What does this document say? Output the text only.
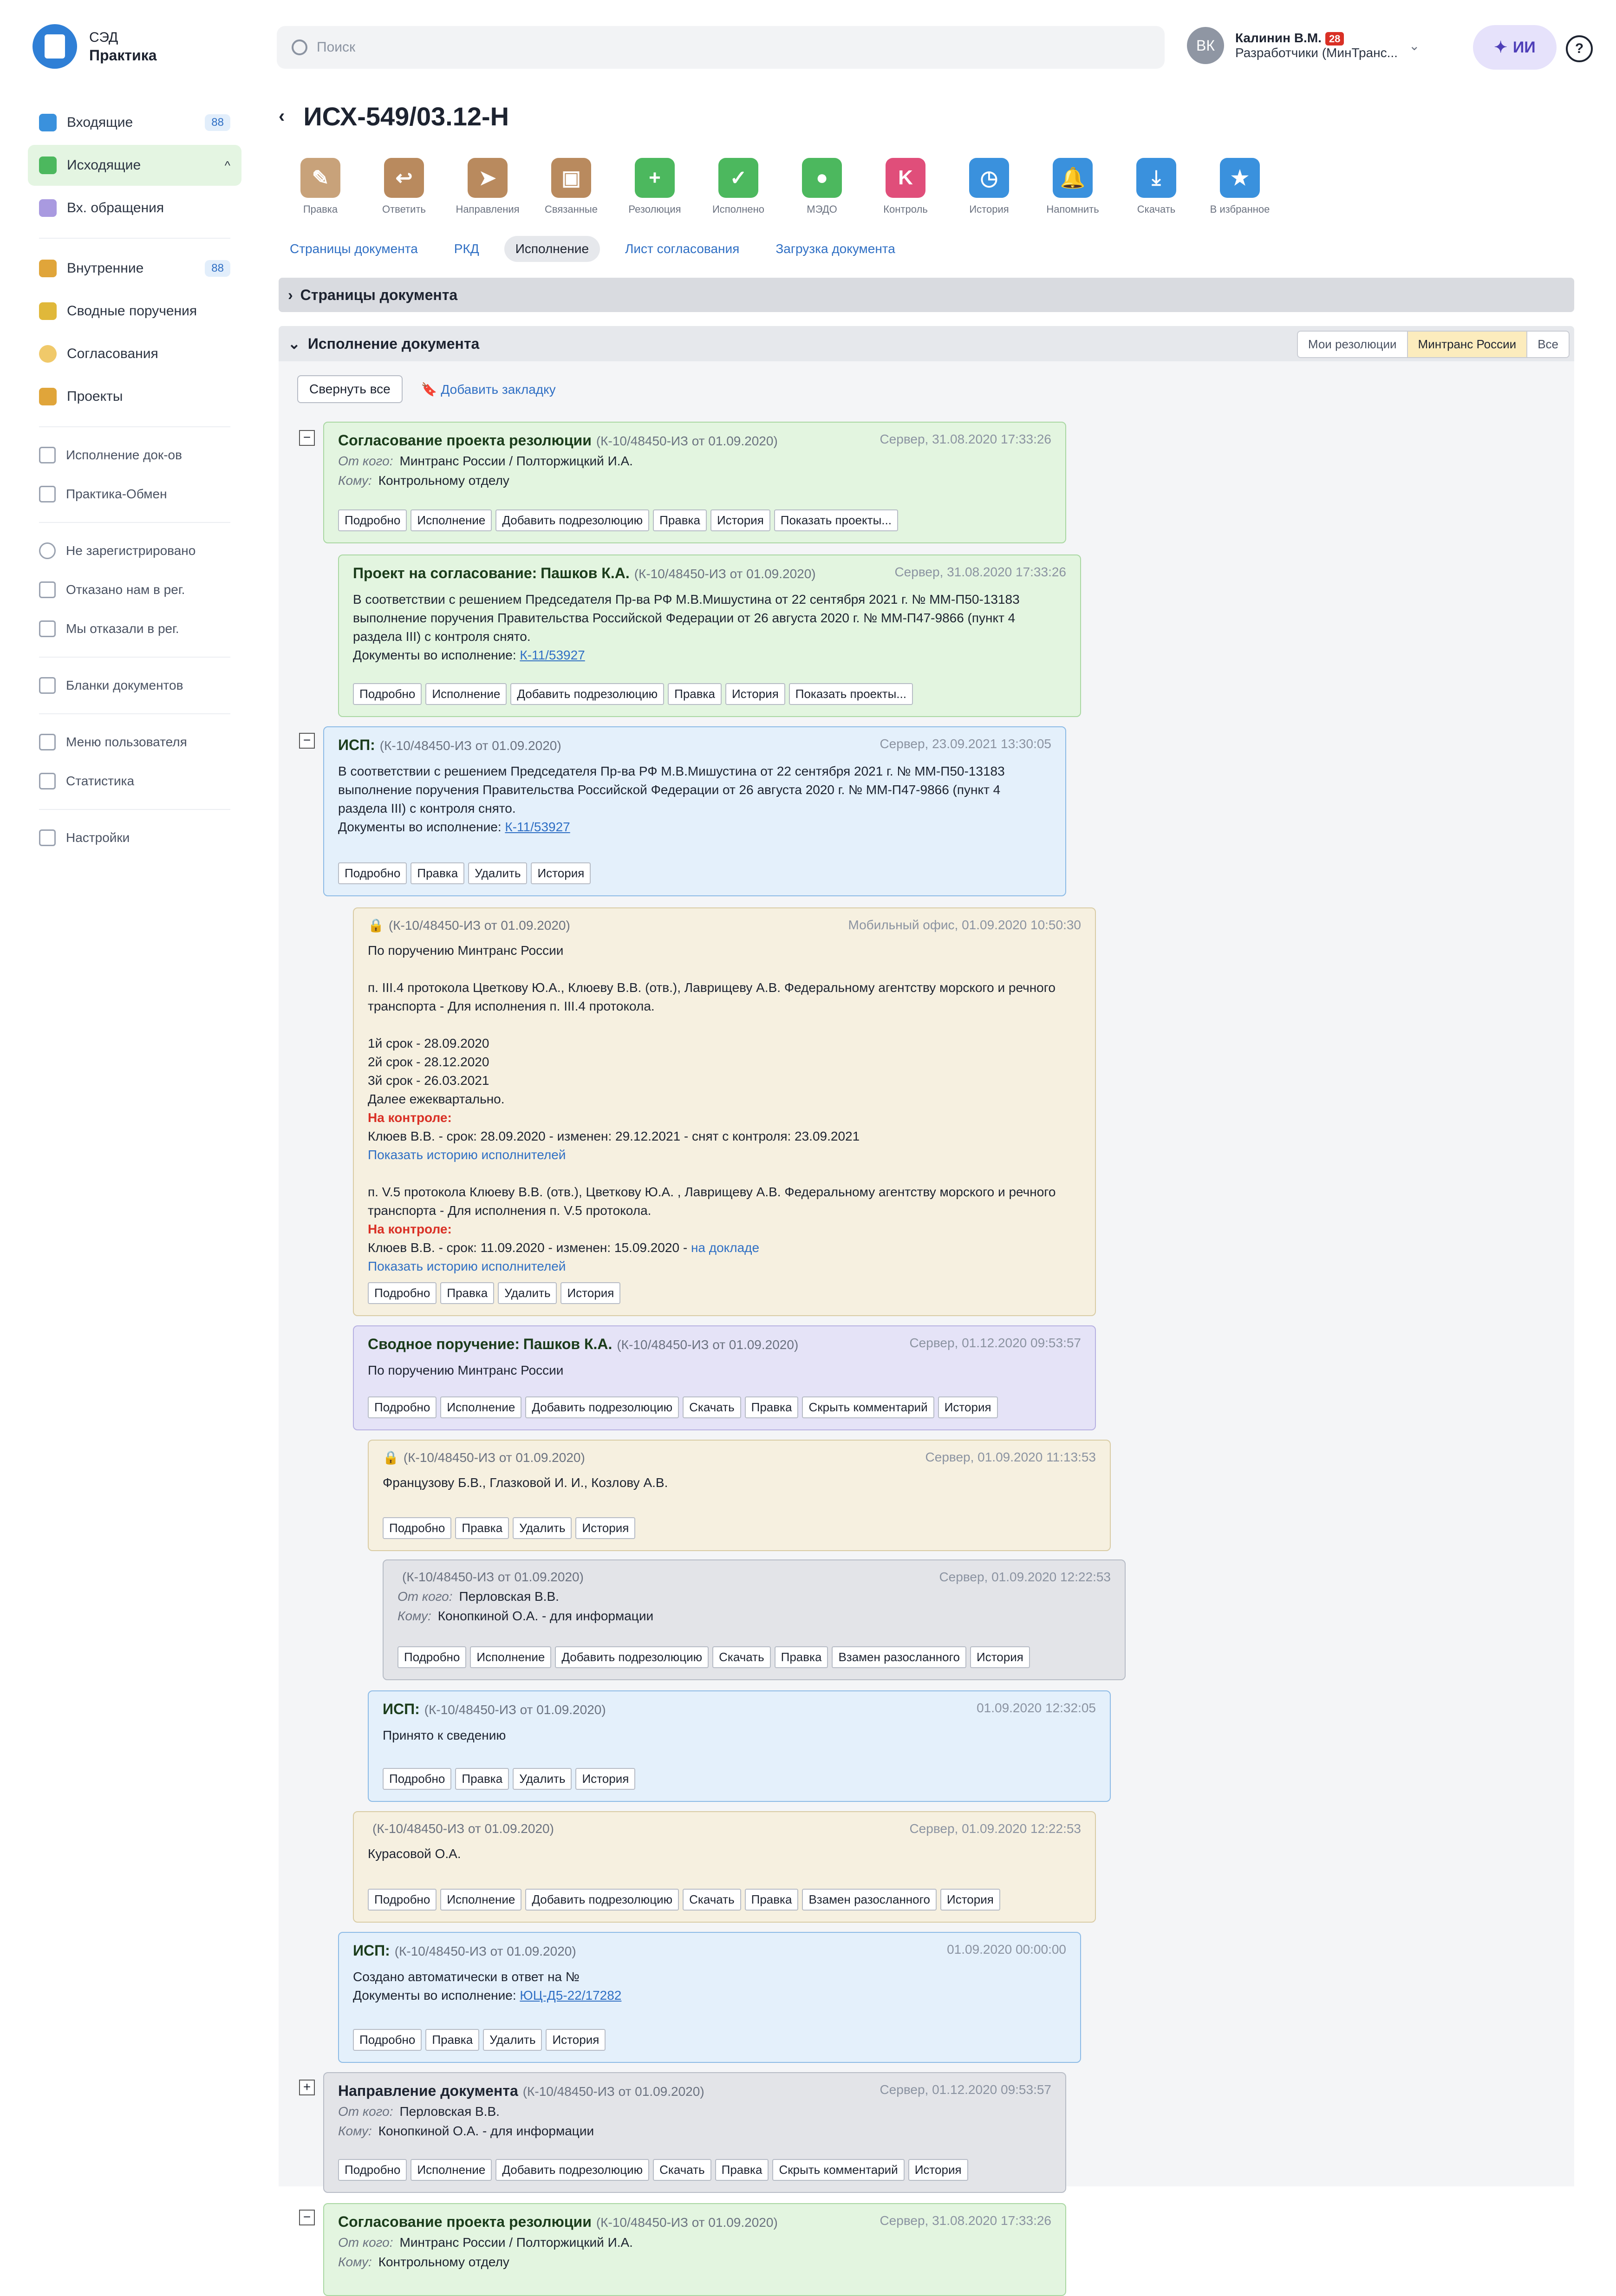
СЭД
Практика
Входящие	88
Исходящие	^
Вх. обращения
Внутренние	88
Сводные поручения
Согласования
Проекты
Исполнение док-ов
Практика-Обмен
Не зарегистрировано
Отказано нам в рег.
Мы отказали в рег.
Бланки документов
Меню пользователя
Статистика
Настройки
Поиск	ВК	Калинин В.М. 28
Разработчики (МинТранс... ⌄	✦ ИИ	?
‹ ИСХ-549/03.12-Н
✎
Правка
↩
Ответить
➤
Направления
▣
Связанные
+
Резолюция
✓
Исполнено
●
МЭДО
K
Контроль
◷
История
🔔
Напомнить
⤓
Скачать
★
В избранное
Страницы документа	РКД	Исполнение	Лист согласования	Загрузка документа
› Страницы документа
⌄ Исполнение документа	Мои резолюции	Минтранс России	Все
Свернуть все	🔖 Добавить закладку
− Согласование проекта резолюции (К-10/48450-ИЗ от 01.09.2020)	Сервер, 31.08.2020 17:33:26
От кого: Минтранс России / Полторжицкий И.А.
Кому: Контрольному отделу
Подробно	Исполнение	Добавить подрезолюцию	Правка	История	Показать проекты...
Проект на согласование: Пашков К.А. (К-10/48450-ИЗ от 01.09.2020)	Сервер, 31.08.2020 17:33:26
В соответствии с решением Председателя Пр-ва РФ М.В.Мишустина от 22 сентября 2021 г. № ММ-П50-13183 выполнение поручения Правительства Российской Федерации от 26 августа 2020 г. № ММ-П47-9866 (пункт 4 раздела III) с контроля снято.
Документы во исполнение: К-11/53927
Подробно	Исполнение	Добавить подрезолюцию	Правка	История	Показать проекты...
− ИСП: (К-10/48450-ИЗ от 01.09.2020)	Сервер, 23.09.2021 13:30:05
В соответствии с решением Председателя Пр-ва РФ М.В.Мишустина от 22 сентября 2021 г. № ММ-П50-13183 выполнение поручения Правительства Российской Федерации от 26 августа 2020 г. № ММ-П47-9866 (пункт 4 раздела III) с контроля снято.
Документы во исполнение: К-11/53927
Подробно	Правка	Удалить	История
🔒 (К-10/48450-ИЗ от 01.09.2020)	Мобильный офис, 01.09.2020 10:50:30
По поручению Минтранс России

п. III.4 протокола Цветкову Ю.А., Клюеву В.В. (отв.), Лаврищеву А.В. Федеральному агентству морского и речного транспорта - Для исполнения п. III.4 протокола.

1й срок - 28.09.2020
2й срок - 28.12.2020
3й срок - 26.03.2021
Далее ежеквартально.
На контроле:
Клюев В.В. - срок: 28.09.2020 - изменен: 29.12.2021 - снят с контроля: 23.09.2021
Показать историю исполнителей

п. V.5 протокола Клюеву В.В. (отв.), Цветкову Ю.А. , Лаврищеву А.В. Федеральному агентству морского и речного транспорта - Для исполнения п. V.5 протокола.
На контроле:
Клюев В.В. - срок: 11.09.2020 - изменен: 15.09.2020 - на докладе
Показать историю исполнителей
Подробно	Правка	Удалить	История
Сводное поручение: Пашков К.А. (К-10/48450-ИЗ от 01.09.2020)	Сервер, 01.12.2020 09:53:57
По поручению Минтранс России
Подробно	Исполнение	Добавить подрезолюцию	Скачать	Правка	Скрыть комментарий	История
🔒 (К-10/48450-ИЗ от 01.09.2020)	Сервер, 01.09.2020 11:13:53
Французову Б.В., Глазковой И. И., Козлову А.В.
Подробно	Правка	Удалить	История
(К-10/48450-ИЗ от 01.09.2020)	Сервер, 01.09.2020 12:22:53
От кого: Перловская В.В.
Кому: Конопкиной О.А. - для информации
Подробно	Исполнение	Добавить подрезолюцию	Скачать	Правка	Взамен разосланного	История
ИСП: (К-10/48450-ИЗ от 01.09.2020)	01.09.2020 12:32:05
Принято к сведению
Подробно	Правка	Удалить	История
(К-10/48450-ИЗ от 01.09.2020)	Сервер, 01.09.2020 12:22:53
Курасовой О.А.
Подробно	Исполнение	Добавить подрезолюцию	Скачать	Правка	Взамен разосланного	История
ИСП: (К-10/48450-ИЗ от 01.09.2020)	01.09.2020 00:00:00
Создано автоматически в ответ на №
Документы во исполнение: ЮЦ-Д5-22/17282
Подробно	Правка	Удалить	История
+ Направление документа (К-10/48450-ИЗ от 01.09.2020)	Сервер, 01.12.2020 09:53:57
От кого: Перловская В.В.
Кому: Конопкиной О.А. - для информации
Подробно	Исполнение	Добавить подрезолюцию	Скачать	Правка	Скрыть комментарий	История
− Согласование проекта резолюции (К-10/48450-ИЗ от 01.09.2020)	Сервер, 31.08.2020 17:33:26
От кого: Минтранс России / Полторжицкий И.А.
Кому: Контрольному отделу
